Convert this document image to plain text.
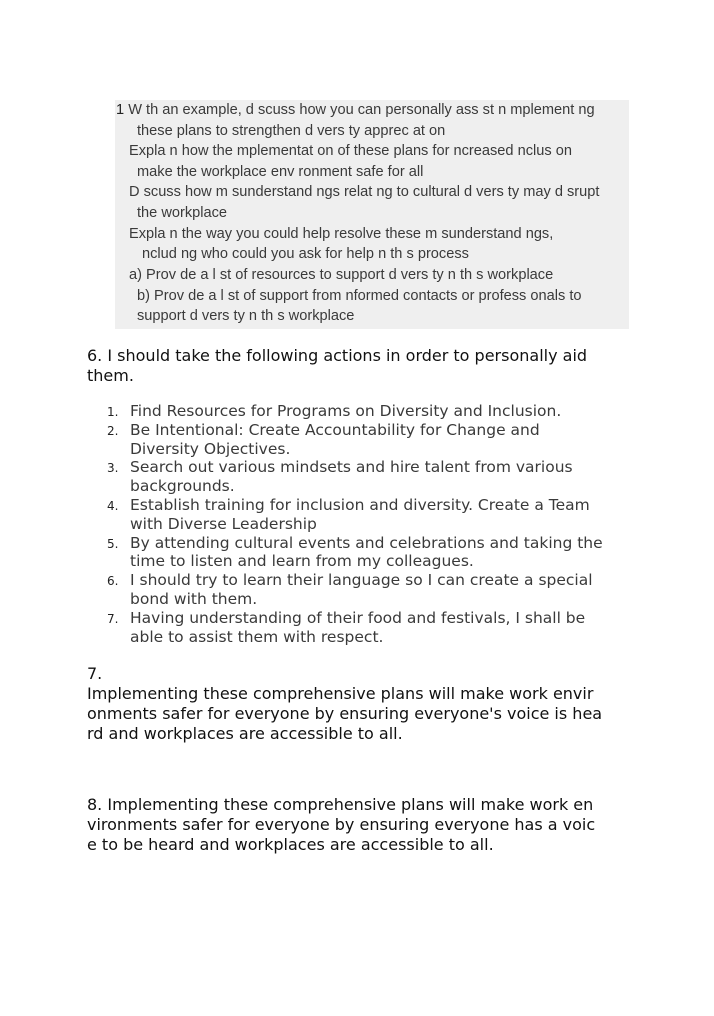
1 W th an example, d scuss how you can personally ass st n mplement ng
these plans to strengthen d vers ty apprec at on
Expla n how the mplementat on of these plans for ncreased nclus on
make the workplace env ronment safe for all
D scuss how m sunderstand ngs relat ng to cultural d vers ty may d srupt
the workplace
Expla n the way you could help resolve these m sunderstand ngs,
nclud ng who could you ask for help n th s process
a) Prov de a l st of resources to support d vers ty n th s workplace
b) Prov de a l st of support from nformed contacts or profess onals to
support d vers ty n th s workplace
6. I should take the following actions in order to personally aid
them.
1. Find Resources for Programs on Diversity and Inclusion.
2. Be Intentional: Create Accountability for Change and
Diversity Objectives.
3. Search out various mindsets and hire talent from various
backgrounds.
4. Establish training for inclusion and diversity. Create a Team
with Diverse Leadership
5. By attending cultural events and celebrations and taking the
time to listen and learn from my colleagues.
6. I should try to learn their language so I can create a special
bond with them.
7. Having understanding of their food and festivals, I shall be
able to assist them with respect.
7.
Implementing these comprehensive plans will make work envir
onments safer for everyone by ensuring everyone's voice is hea
rd and workplaces are accessible to all.
8. Implementing these comprehensive plans will make work en
vironments safer for everyone by ensuring everyone has a voic
e to be heard and workplaces are accessible to all.
